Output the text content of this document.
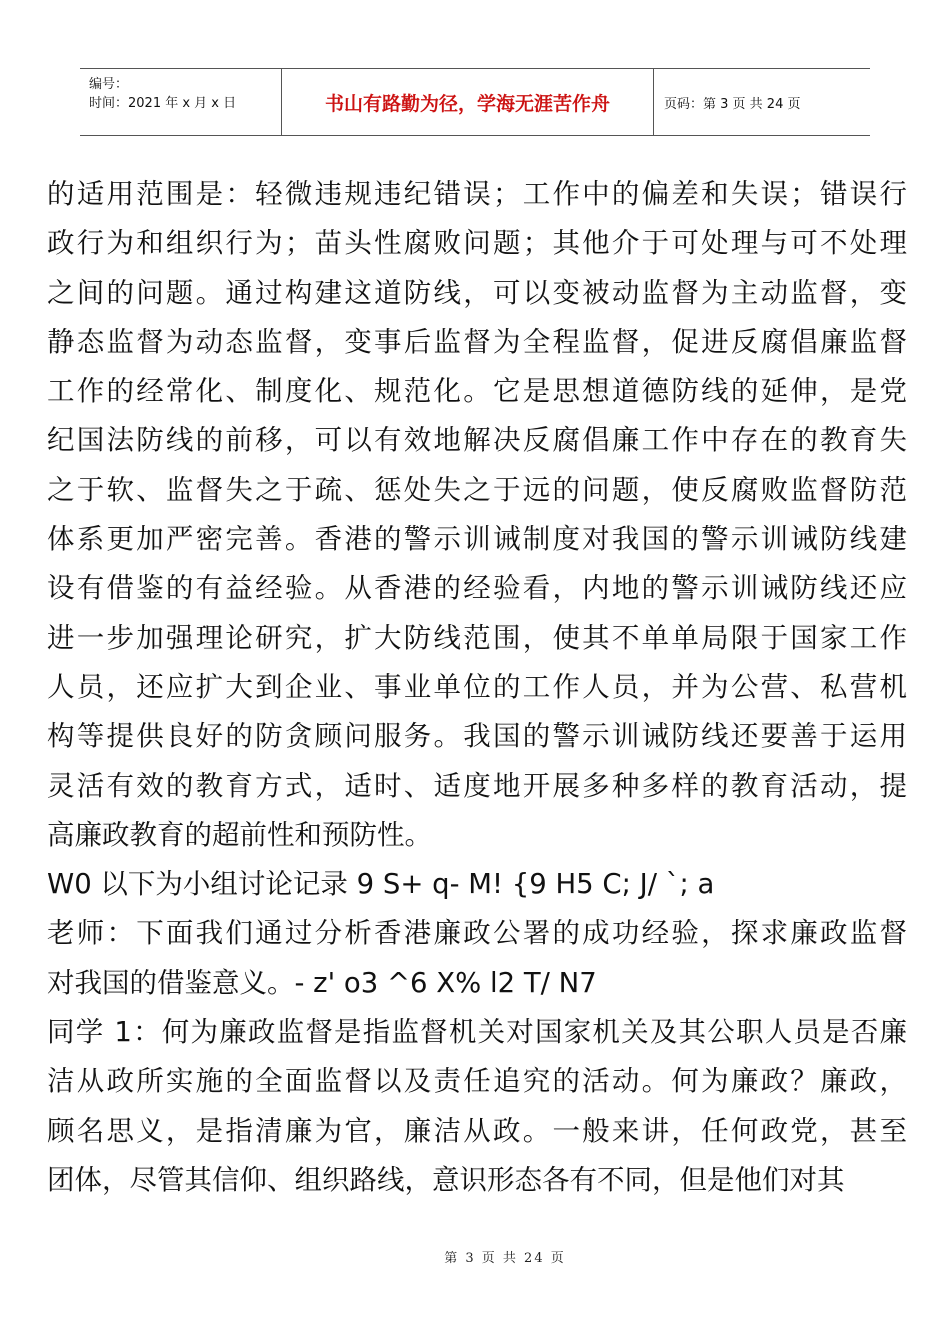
编号：
时间：2021 年 x 月 x 日	书山有路勤为径，学海无涯苦作舟	页码：第 3 页 共 24 页
的适用范围是：轻微违规违纪错误；工作中的偏差和失误；错误行
政行为和组织行为；苗头性腐败问题；其他介于可处理与可不处理
之间的问题。通过构建这道防线，可以变被动监督为主动监督，变
静态监督为动态监督，变事后监督为全程监督，促进反腐倡廉监督
工作的经常化、制度化、规范化。它是思想道德防线的延伸，是党
纪国法防线的前移，可以有效地解决反腐倡廉工作中存在的教育失
之于软、监督失之于疏、惩处失之于远的问题，使反腐败监督防范
体系更加严密完善。香港的警示训诫制度对我国的警示训诫防线建
设有借鉴的有益经验。从香港的经验看，内地的警示训诫防线还应
进一步加强理论研究，扩大防线范围，使其不单单局限于国家工作
人员，还应扩大到企业、事业单位的工作人员，并为公营、私营机
构等提供良好的防贪顾问服务。我国的警示训诫防线还要善于运用
灵活有效的教育方式，适时、适度地开展多种多样的教育活动，提
高廉政教育的超前性和预防性。
W0 以下为小组讨论记录 9 S+ q- M! {9 H5 C; J/ `; a
老师：下面我们通过分析香港廉政公署的成功经验，探求廉政监督
对我国的借鉴意义。- z' o3 ^6 X% l2 T/ N7
同学 1：何为廉政监督是指监督机关对国家机关及其公职人员是否廉
洁从政所实施的全面监督以及责任追究的活动。何为廉政？廉政，
顾名思义，是指清廉为官，廉洁从政。一般来讲，任何政党，甚至
团体，尽管其信仰、组织路线，意识形态各有不同，但是他们对其
第 3 页 共 24 页
